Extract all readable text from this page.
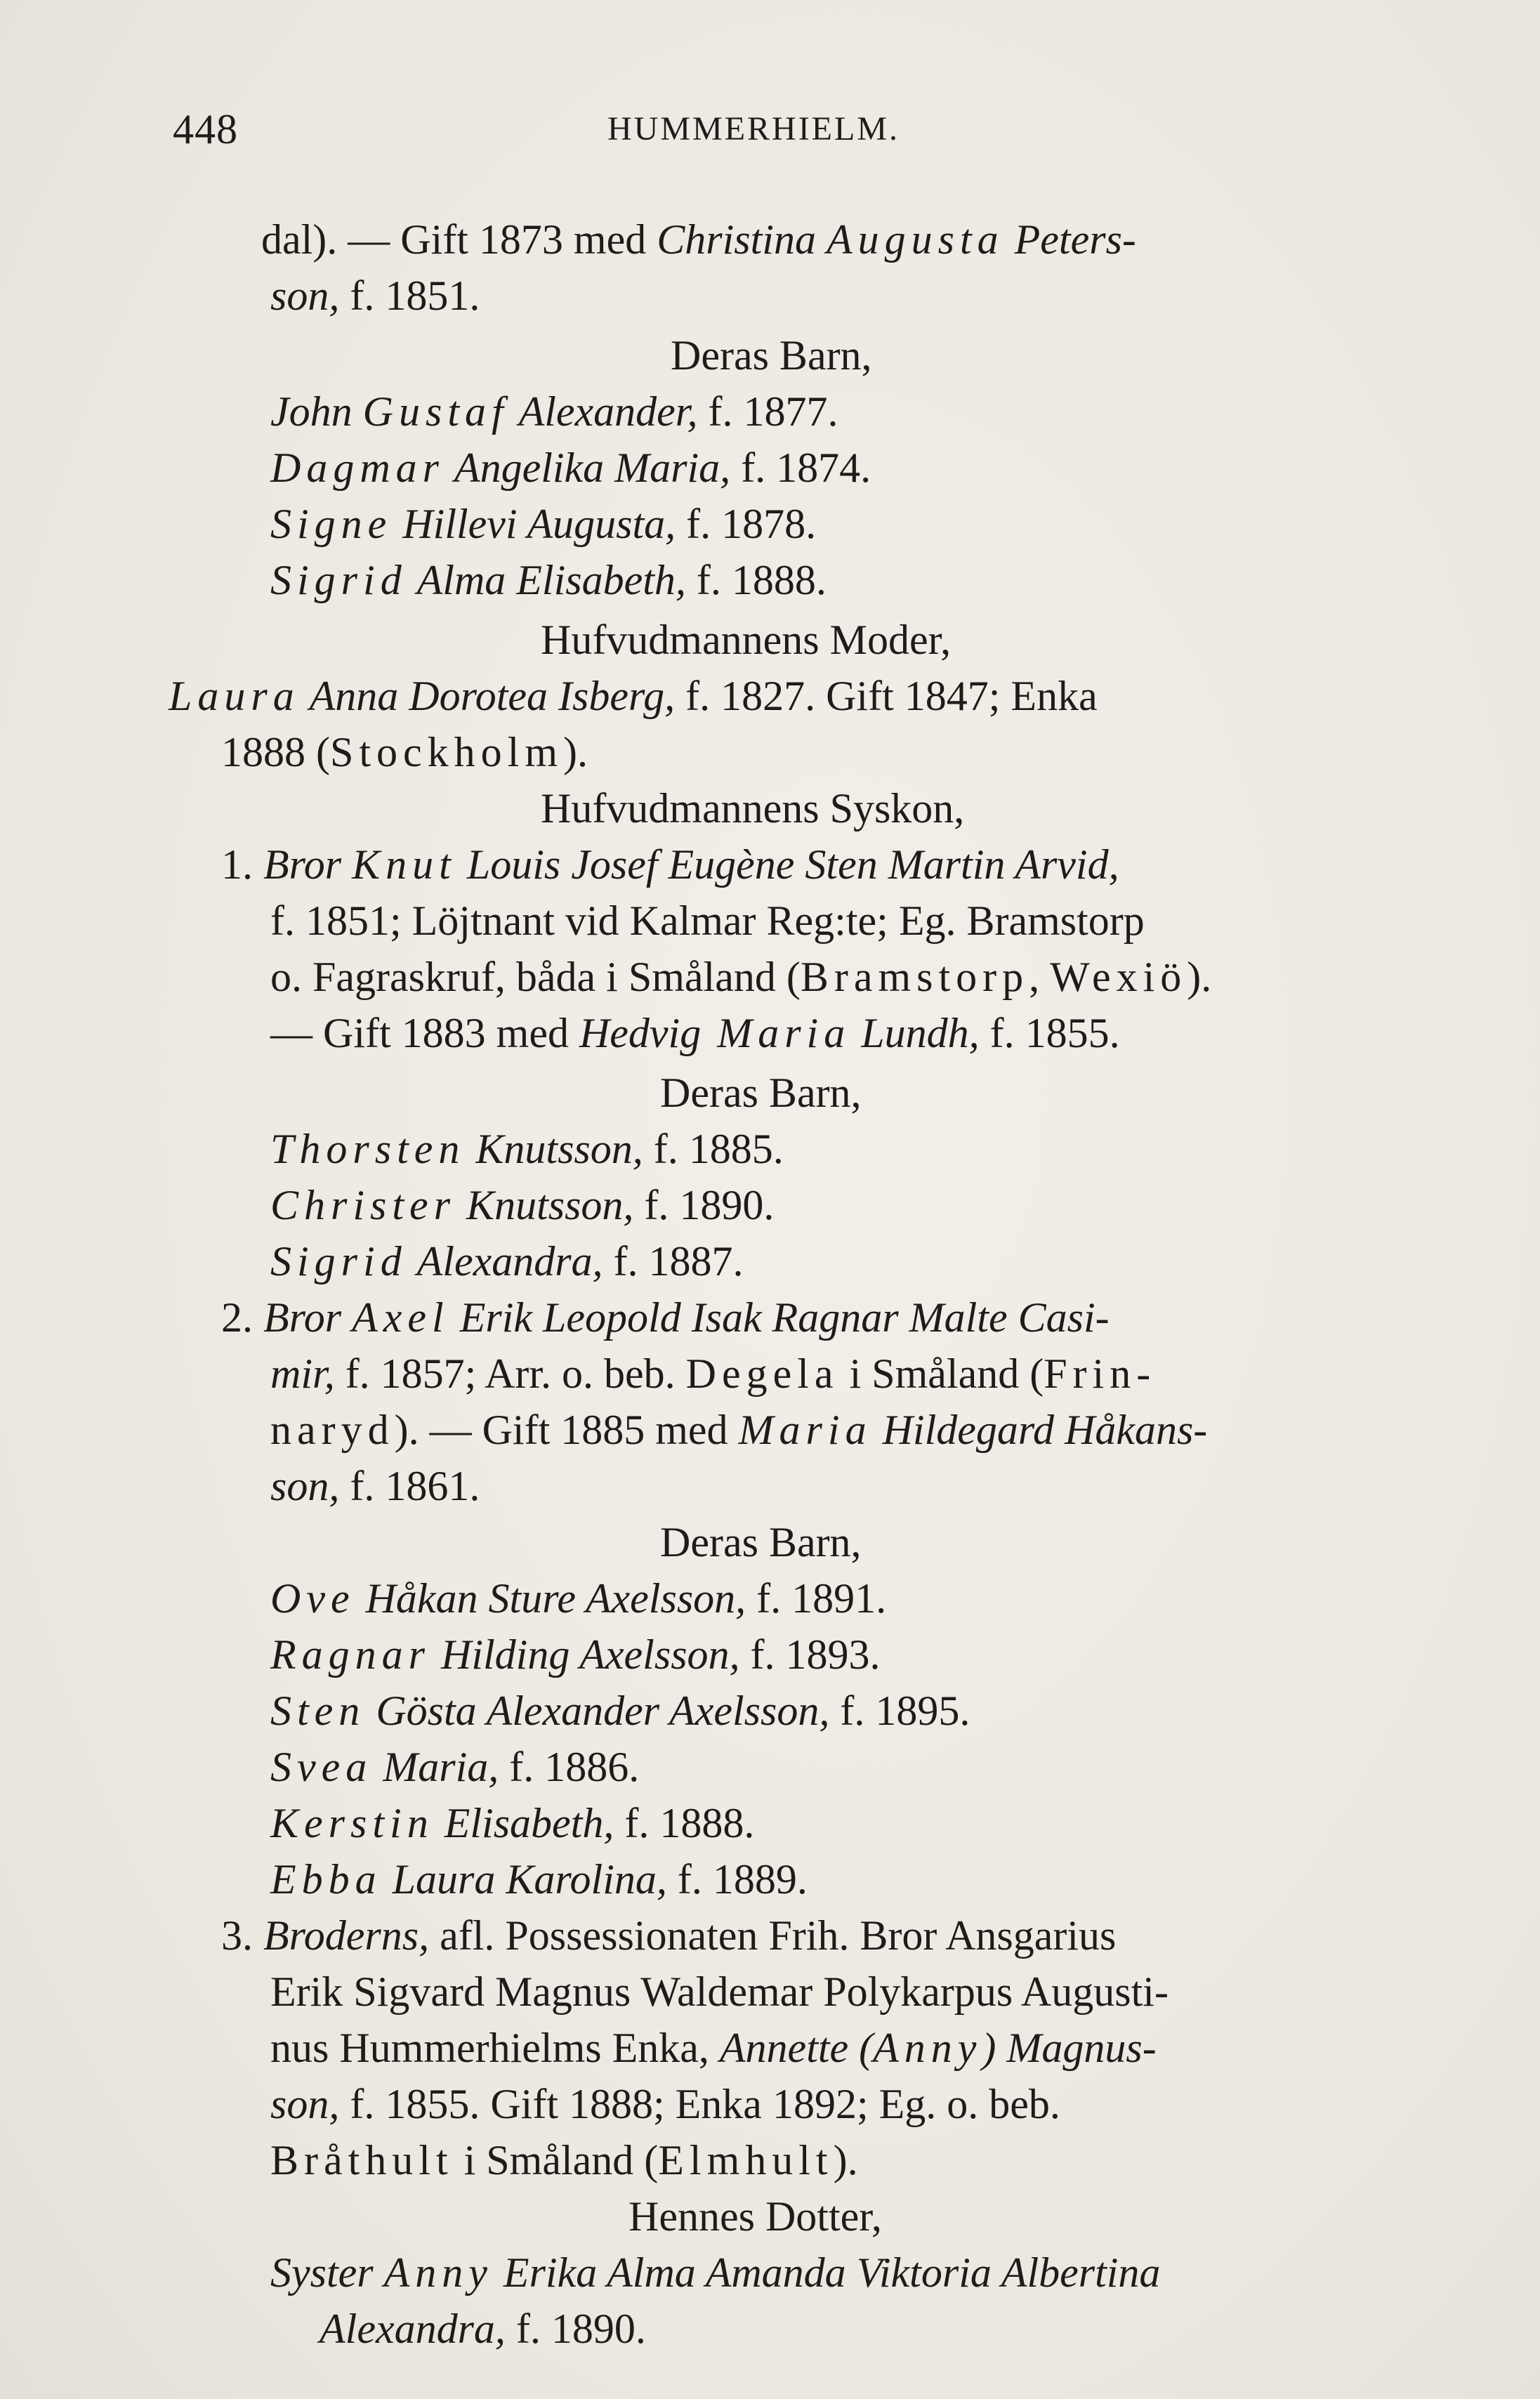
448	HUMMERHIELM.
dal). — Gift 1873 med Christina Augusta Peters-
son, f. 1851.
Deras Barn,
John Gustaf Alexander, f. 1877.
Dagmar Angelika Maria, f. 1874.
Signe Hillevi Augusta, f. 1878.
Sigrid Alma Elisabeth, f. 1888.
Hufvudmannens Moder,
Laura Anna Dorotea Isberg, f. 1827. Gift 1847; Enka
1888 (Stockholm).
Hufvudmannens Syskon,
1. Bror Knut Louis Josef Eugène Sten Martin Arvid,
f. 1851; Löjtnant vid Kalmar Reg:te; Eg. Bramstorp
o. Fagraskruf, båda i Småland (Bramstorp, Wexiö).
— Gift 1883 med Hedvig Maria Lundh, f. 1855.
Deras Barn,
Thorsten Knutsson, f. 1885.
Christer Knutsson, f. 1890.
Sigrid Alexandra, f. 1887.
2. Bror Axel Erik Leopold Isak Ragnar Malte Casi-
mir, f. 1857; Arr. o. beb. Degela i Småland (Frin-
naryd). — Gift 1885 med Maria Hildegard Håkans-
son, f. 1861.
Deras Barn,
Ove Håkan Sture Axelsson, f. 1891.
Ragnar Hilding Axelsson, f. 1893.
Sten Gösta Alexander Axelsson, f. 1895.
Svea Maria, f. 1886.
Kerstin Elisabeth, f. 1888.
Ebba Laura Karolina, f. 1889.
3. Broderns, afl. Possessionaten Frih. Bror Ansgarius
Erik Sigvard Magnus Waldemar Polykarpus Augusti-
nus Hummerhielms Enka, Annette (Anny) Magnus-
son, f. 1855. Gift 1888; Enka 1892; Eg. o. beb.
Bråthult i Småland (Elmhult).
Hennes Dotter,
Syster Anny Erika Alma Amanda Viktoria Albertina
Alexandra, f. 1890.
